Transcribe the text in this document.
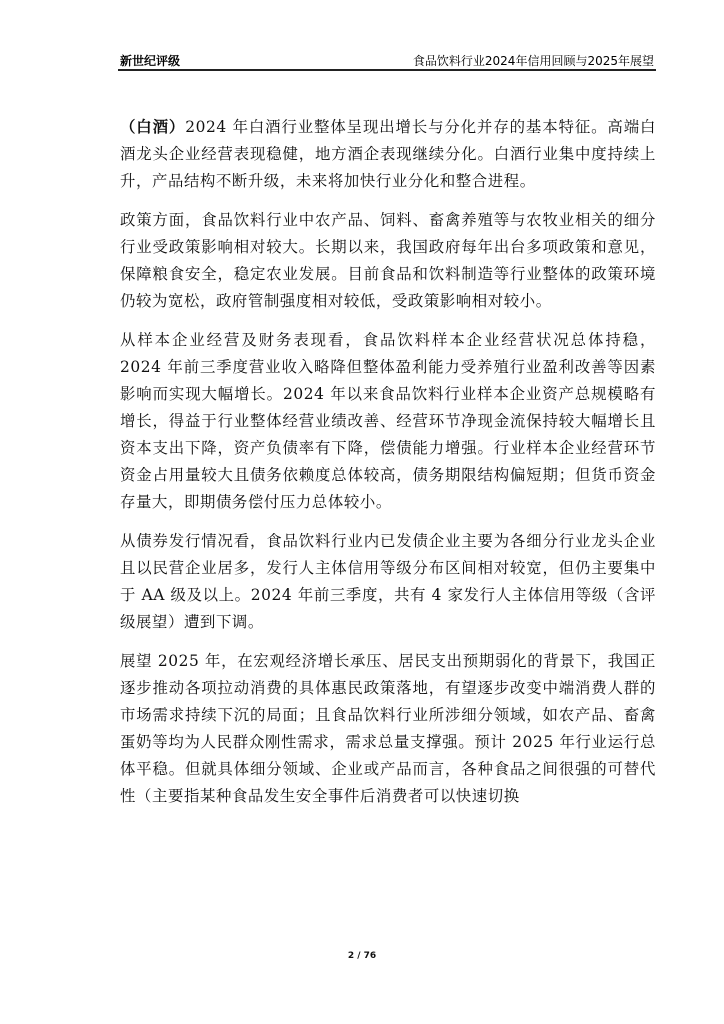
新世纪评级	食品饮料行业2024年信用回顾与2025年展望

（白酒）2024 年白酒行业整体呈现出增长与分化并存的基本特征。高端白酒龙头企业经营表现稳健，地方酒企表现继续分化。白酒行业集中度持续上升，产品结构不断升级，未来将加快行业分化和整合进程。

政策方面，食品饮料行业中农产品、饲料、畜禽养殖等与农牧业相关的细分行业受政策影响相对较大。长期以来，我国政府每年出台多项政策和意见，保障粮食安全，稳定农业发展。目前食品和饮料制造等行业整体的政策环境仍较为宽松，政府管制强度相对较低，受政策影响相对较小。

从样本企业经营及财务表现看，食品饮料样本企业经营状况总体持稳，2024 年前三季度营业收入略降但整体盈利能力受养殖行业盈利改善等因素影响而实现大幅增长。2024 年以来食品饮料行业样本企业资产总规模略有增长，得益于行业整体经营业绩改善、经营环节净现金流保持较大幅增长且资本支出下降，资产负债率有下降，偿债能力增强。行业样本企业经营环节资金占用量较大且债务依赖度总体较高，债务期限结构偏短期；但货币资金存量大，即期债务偿付压力总体较小。

从债券发行情况看，食品饮料行业内已发债企业主要为各细分行业龙头企业且以民营企业居多，发行人主体信用等级分布区间相对较宽，但仍主要集中于 AA 级及以上。2024 年前三季度，共有 4 家发行人主体信用等级（含评级展望）遭到下调。

展望 2025 年，在宏观经济增长承压、居民支出预期弱化的背景下，我国正逐步推动各项拉动消费的具体惠民政策落地，有望逐步改变中端消费人群的市场需求持续下沉的局面；且食品饮料行业所涉细分领域，如农产品、畜禽蛋奶等均为人民群众刚性需求，需求总量支撑强。预计 2025 年行业运行总体平稳。但就具体细分领域、企业或产品而言，各种食品之间很强的可替代性（主要指某种食品发生安全事件后消费者可以快速切换

2 / 76
